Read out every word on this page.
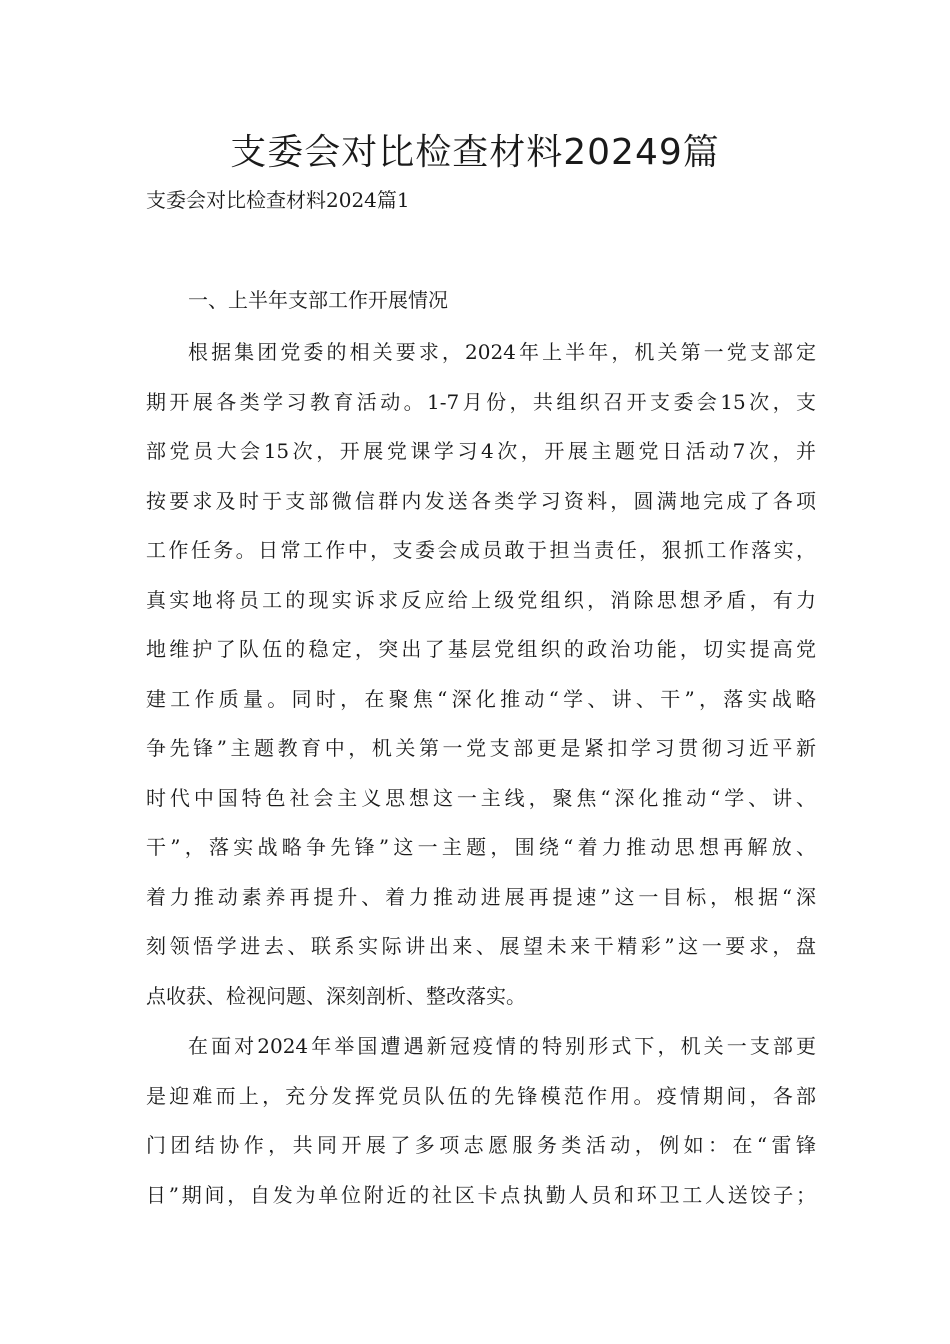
支委会对比检查材料20249篇

支委会对比检查材料2024篇1

一、上半年支部工作开展情况

根据集团党委的相关要求，2024年上半年，机关第一党支部定
期开展各类学习教育活动。1-7月份，共组织召开支委会15次，支
部党员大会15次，开展党课学习4次，开展主题党日活动7次，并
按要求及时于支部微信群内发送各类学习资料，圆满地完成了各项
工作任务。日常工作中，支委会成员敢于担当责任，狠抓工作落实，
真实地将员工的现实诉求反应给上级党组织，消除思想矛盾，有力
地维护了队伍的稳定，突出了基层党组织的政治功能，切实提高党
建工作质量。同时，在聚焦“深化推动“学、讲、干”，落实战略
争先锋”主题教育中，机关第一党支部更是紧扣学习贯彻习近平新
时代中国特色社会主义思想这一主线，聚焦“深化推动“学、讲、
干”，落实战略争先锋”这一主题，围绕“着力推动思想再解放、
着力推动素养再提升、着力推动进展再提速”这一目标，根据“深
刻领悟学进去、联系实际讲出来、展望未来干精彩”这一要求，盘
点收获、检视问题、深刻剖析、整改落实。
在面对2024年举国遭遇新冠疫情的特别形式下，机关一支部更
是迎难而上，充分发挥党员队伍的先锋模范作用。疫情期间，各部
门团结协作，共同开展了多项志愿服务类活动，例如：在“雷锋
日”期间，自发为单位附近的社区卡点执勤人员和环卫工人送饺子；
